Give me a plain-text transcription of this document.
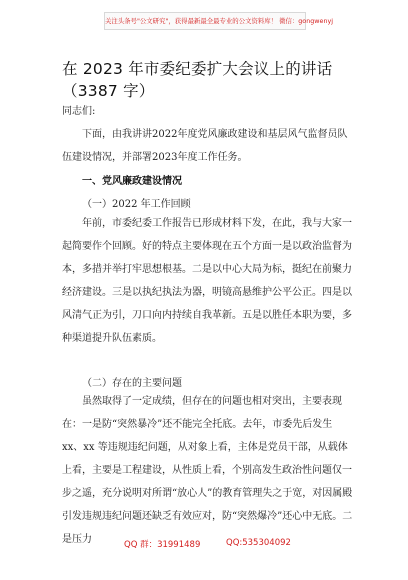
关注头条号"公文研究"，获得最新最全最专业的公文资料库！ 微信：gongwenyj
在 2023 年市委纪委扩大会议上的讲话（3387 字）
同志们:
下面，由我讲讲2022年度党风廉政建设和基层风气监督员队伍建设情况，并部署2023年度工作任务。
一、党风廉政建设情况
（一）2022 年工作回顾
年前，市委纪委工作报告已形成材料下发，在此，我与大家一起简要作个回顾。好的特点主要体现在五个方面一是以政治监督为本，多措并举打牢思想根基。二是以中心大局为标，挺纪在前聚力经济建设。三是以执纪执法为器，明镜高悬维护公平公正。四是以风清气正为引，刀口向内持续自我革新。五是以胜任本职为要，多种渠道提升队伍素质。
（二）存在的主要问题
虽然取得了一定成绩，但存在的问题也相对突出，主要表现在：一是防“突然暴冷”还不能完全托底。去年，市委先后发生 xx、xx 等违规违纪问题，从对象上看，主体是党员干部，从载体上看，主要是工程建设，从性质上看，个别高发生政治性问题仅一步之遥，充分说明对所谓“放心人”的教育管理失之于宽，对因属殿引发违规违纪问题还缺乏有效应对，防“突然爆冷”还心中无底。二是压力	QQ 群：31991489	QQ:535304092
